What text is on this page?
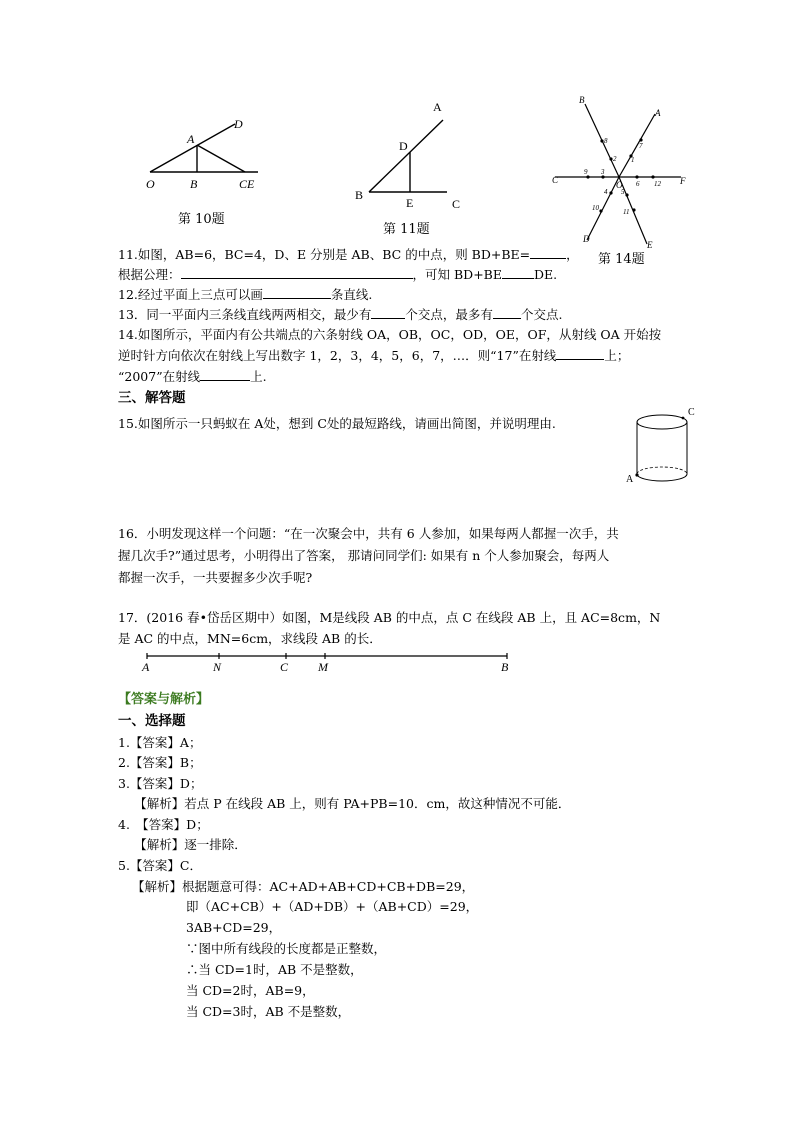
A
D
O	B	CE
第 10题
A
D
B
E	C
第 11题
B
A
C	F
D
E
O
1
2
3
4 5
6
7
8
9
10	11
12
第 14题
11.如图，AB=6，BC=4，D、E 分别是 AB、BC 的中点，则 BD+BE=	，
根据公理：	，可知 BD+BE	DE.
12.经过平面上三点可以画	条直线.
13．同一平面内三条线直线两两相交，最少有	个交点，最多有 个交点.
14.如图所示，平面内有公共端点的六条射线 OA，OB，OC，OD，OE，OF，从射线 OA 开始按
逆时针方向依次在射线上写出数字 1，2，3，4，5，6，7，…．则“17”在射线	上；
“2007”在射线	上.
三、解答题
15.如图所示一只蚂蚁在 A处，想到 C处的最短路线，请画出简图，并说明理由.
A
C
16．小明发现这样一个问题：“在一次聚会中，共有 6 人参加，如果每两人都握一次手，共
握几次手?”通过思考，小明得出了答案， 那请问同学们: 如果有 n 个人参加聚会，每两人
都握一次手，一共要握多少次手呢?
17．(2016 春•岱岳区期中）如图，M是线段 AB 的中点，点 C 在线段 AB 上，且 AC=8cm，N
是 AC 的中点，MN=6cm，求线段 AB 的长．
A	N	C M	B
【答案与解析】
一、选择题
1.【答案】A；
2.【答案】B；
3.【答案】D；
　【解析】若点 P 在线段 AB 上，则有 PA+PB=10．cm，故这种情况不可能．
4.　【答案】D；
　【解析】逐一排除．
5.【答案】C．
【解析】根据题意可得：AC+AD+AB+CD+CB+DB=29，
即（AC+CB）+（AD+DB）+（AB+CD）=29，
3AB+CD=29，
∵图中所有线段的长度都是正整数，
∴当 CD=1时，AB 不是整数，
当 CD=2时，AB=9，
当 CD=3时，AB 不是整数，
